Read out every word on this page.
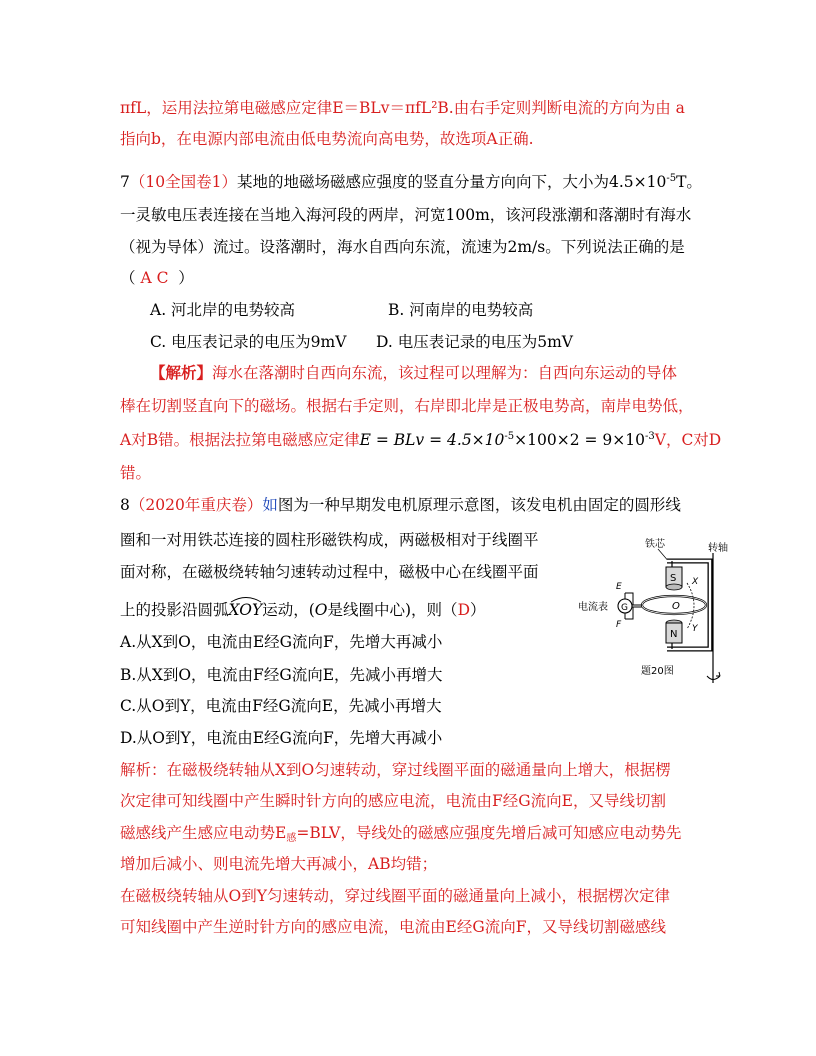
πfL，运用法拉第电磁感应定律E＝BLv＝πfL²B.由右手定则判断电流的方向为由 a
指向b，在电源内部电流由低电势流向高电势，故选项A正确.
7（10全国卷1）某地的地磁场磁感应强度的竖直分量方向向下，大小为$4.5\times 10^{-5}T$。
一灵敏电压表连接在当地入海河段的两岸，河宽100m，该河段涨潮和落潮时有海水
（视为导体）流过。设落潮时，海水自西向东流，流速为2m/s。下列说法正确的是
（ A C ）
A. 河北岸的电势较高	B. 河南岸的电势较高
C. 电压表记录的电压为9mV D. 电压表记录的电压为5mV
【解析】海水在落潮时自西向东流，该过程可以理解为：自西向东运动的导体
棒在切割竖直向下的磁场。根据右手定则，右岸即北岸是正极电势高，南岸电势低，
A对B错。根据法拉第电磁感应定律E = BLv = $4.5\times 10^{-5}\times 100\times 2 = 9\times 10^{-3}V$，C对D
错。
8（2020年重庆卷）如图为一种早期发电机原理示意图，该发电机由固定的圆形线
圈和一对用铁芯连接的圆柱形磁铁构成，两磁极相对于线圈平
面对称，在磁极绕转轴匀速转动过程中，磁极中心在线圈平面
上的投影沿圆弧
XOY运动，(O是线圈中心)，则（D）
A.从X到O，电流由E经G流向F，先增大再减小
B.从X到O，电流由F经G流向E，先减小再增大
C.从O到Y，电流由F经G流向E，先减小再增大
D.从O到Y，电流由E经G流向F，先增大再减小
解析：在磁极绕转轴从X到O匀速转动，穿过线圈平面的磁通量向上增大，根据楞
次定律可知线圈中产生瞬时针方向的感应电流，电流由F经G流向E，又导线切割
磁感线产生感应电动势$E_感=BLV$，导线处的磁感应强度先增后减可知感应电动势先
增加后减小、则电流先增大再减小，AB均错；
在磁极绕转轴从O到Y匀速转动，穿过线圈平面的磁通量向上减小，根据楞次定律
可知线圈中产生逆时针方向的感应电流，电流由E经G流向F，又导线切割磁感线
铁芯	转轴
S
N
O
X
Y
G
E
F
电流表
题20图
